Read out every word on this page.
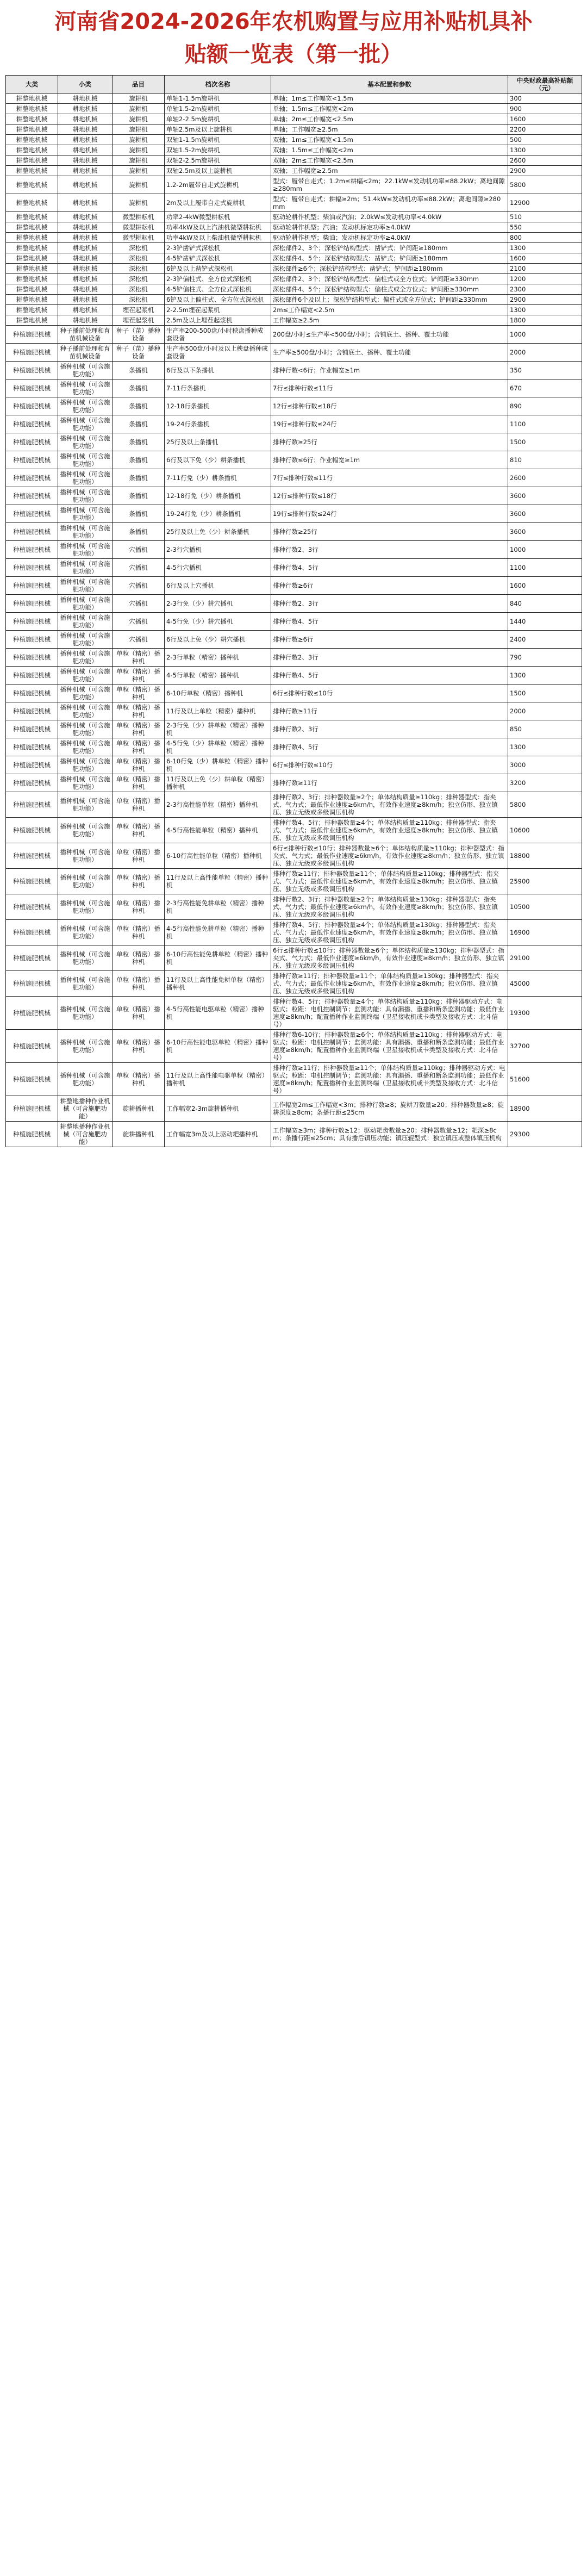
河南省2024-2026年农机购置与应用补贴机具补
贴额一览表（第一批）
大类	小类	品目	档次名称	基本配置和参数	中央财政最高补贴额（元）
耕整地机械	耕地机械	旋耕机	单轴1-1.5m旋耕机	单轴；1m≤工作幅宽<1.5m	300
耕整地机械	耕地机械	旋耕机	单轴1.5-2m旋耕机	单轴；1.5m≤工作幅宽<2m	900
耕整地机械	耕地机械	旋耕机	单轴2-2.5m旋耕机	单轴；2m≤工作幅宽<2.5m	1600
耕整地机械	耕地机械	旋耕机	单轴2.5m及以上旋耕机	单轴；工作幅宽≥2.5m	2200
耕整地机械	耕地机械	旋耕机	双轴1-1.5m旋耕机	双轴；1m≤工作幅宽<1.5m	500
耕整地机械	耕地机械	旋耕机	双轴1.5-2m旋耕机	双轴；1.5m≤工作幅宽<2m	1300
耕整地机械	耕地机械	旋耕机	双轴2-2.5m旋耕机	双轴；2m≤工作幅宽<2.5m	2600
耕整地机械	耕地机械	旋耕机	双轴2.5m及以上旋耕机	双轴；工作幅宽≥2.5m	2900
耕整地机械	耕地机械	旋耕机	1.2-2m履带自走式旋耕机	型式：履带自走式；1.2m≤耕幅<2m；22.1kW≤发动机功率≤88.2kW；离地间隙≥280mm	5800
耕整地机械	耕地机械	旋耕机	2m及以上履带自走式旋耕机	型式：履带自走式；耕幅≥2m；51.4kW≤发动机功率≤88.2kW；离地间隙≥280mm	12900
耕整地机械	耕地机械	微型耕耘机	功率2-4kW微型耕耘机	驱动轮耕作机型；柴油或汽油；2.0kW≤发动机功率<4.0kW	510
耕整地机械	耕地机械	微型耕耘机	功率4kW及以上汽油机微型耕耘机	驱动轮耕作机型；汽油；发动机标定功率≥4.0kW	550
耕整地机械	耕地机械	微型耕耘机	功率4kW及以上柴油机微型耕耘机	驱动轮耕作机型；柴油；发动机标定功率≥4.0kW	800
耕整地机械	耕地机械	深松机	2-3铲凿铲式深松机	深松部件2、3个；深松铲结构型式：凿铲式；铲间距≥180mm	1300
耕整地机械	耕地机械	深松机	4-5铲凿铲式深松机	深松部件4、5个；深松铲结构型式：凿铲式；铲间距≥180mm	1600
耕整地机械	耕地机械	深松机	6铲及以上凿铲式深松机	深松部件≥6个；深松铲结构型式：凿铲式；铲间距≥180mm	2100
耕整地机械	耕地机械	深松机	2-3铲偏柱式、全方位式深松机	深松部件2、3个；深松铲结构型式：偏柱式或全方位式；铲间距≥330mm	1200
耕整地机械	耕地机械	深松机	4-5铲偏柱式、全方位式深松机	深松部件4、5个；深松铲结构型式：偏柱式或全方位式；铲间距≥330mm	2300
耕整地机械	耕地机械	深松机	6铲及以上偏柱式、全方位式深松机	深松部件6个及以上；深松铲结构型式：偏柱式或全方位式；铲间距≥330mm	2900
耕整地机械	耕地机械	埋茬起浆机	2-2.5m埋茬起浆机	2m≤工作幅宽<2.5m	1300
耕整地机械	耕地机械	埋茬起浆机	2.5m及以上埋茬起浆机	工作幅宽≥2.5m	1800
种植施肥机械	种子播前处理和育苗机械设备	种子（苗）播种设备	生产率200-500盘/小时秧盘播种成套设备	200盘/小时≤生产率<500盘/小时；含铺底土、播种、覆土功能	1000
种植施肥机械	种子播前处理和育苗机械设备	种子（苗）播种设备	生产率500盘/小时及以上秧盘播种成套设备	生产率≥500盘/小时；含铺底土、播种、覆土功能	2000
种植施肥机械	播种机械（可含施肥功能）	条播机	6行及以下条播机	排种行数<6行；作业幅宽≥1m	350
种植施肥机械	播种机械（可含施肥功能）	条播机	7-11行条播机	7行≤排种行数≤11行	670
种植施肥机械	播种机械（可含施肥功能）	条播机	12-18行条播机	12行≤排种行数≤18行	890
种植施肥机械	播种机械（可含施肥功能）	条播机	19-24行条播机	19行≤排种行数≤24行	1100
种植施肥机械	播种机械（可含施肥功能）	条播机	25行及以上条播机	排种行数≥25行	1500
种植施肥机械	播种机械（可含施肥功能）	条播机	6行及以下免（少）耕条播机	排种行数≤6行；作业幅宽≥1m	810
种植施肥机械	播种机械（可含施肥功能）	条播机	7-11行免（少）耕条播机	7行≤排种行数≤11行	2600
种植施肥机械	播种机械（可含施肥功能）	条播机	12-18行免（少）耕条播机	12行≤排种行数≤18行	3600
种植施肥机械	播种机械（可含施肥功能）	条播机	19-24行免（少）耕条播机	19行≤排种行数≤24行	3600
种植施肥机械	播种机械（可含施肥功能）	条播机	25行及以上免（少）耕条播机	排种行数≥25行	3600
种植施肥机械	播种机械（可含施肥功能）	穴播机	2-3行穴播机	排种行数2、3行	1000
种植施肥机械	播种机械（可含施肥功能）	穴播机	4-5行穴播机	排种行数4、5行	1100
种植施肥机械	播种机械（可含施肥功能）	穴播机	6行及以上穴播机	排种行数≥6行	1600
种植施肥机械	播种机械（可含施肥功能）	穴播机	2-3行免（少）耕穴播机	排种行数2、3行	840
种植施肥机械	播种机械（可含施肥功能）	穴播机	4-5行免（少）耕穴播机	排种行数4、5行	1440
种植施肥机械	播种机械（可含施肥功能）	穴播机	6行及以上免（少）耕穴播机	排种行数≥6行	2400
种植施肥机械	播种机械（可含施肥功能）	单粒（精密）播种机	2-3行单粒（精密）播种机	排种行数2、3行	790
种植施肥机械	播种机械（可含施肥功能）	单粒（精密）播种机	4-5行单粒（精密）播种机	排种行数4、5行	1300
种植施肥机械	播种机械（可含施肥功能）	单粒（精密）播种机	6-10行单粒（精密）播种机	6行≤排种行数≤10行	1500
种植施肥机械	播种机械（可含施肥功能）	单粒（精密）播种机	11行及以上单粒（精密）播种机	排种行数≥11行	2000
种植施肥机械	播种机械（可含施肥功能）	单粒（精密）播种机	2-3行免（少）耕单粒（精密）播种机	排种行数2、3行	850
种植施肥机械	播种机械（可含施肥功能）	单粒（精密）播种机	4-5行免（少）耕单粒（精密）播种机	排种行数4、5行	1300
种植施肥机械	播种机械（可含施肥功能）	单粒（精密）播种机	6-10行免（少）耕单粒（精密）播种机	6行≤排种行数≤10行	3000
种植施肥机械	播种机械（可含施肥功能）	单粒（精密）播种机	11行及以上免（少）耕单粒（精密）播种机	排种行数≥11行	3200
种植施肥机械	播种机械（可含施肥功能）	单粒（精密）播种机	2-3行高性能单粒（精密）播种机	排种行数2、3行；排种器数量≥2个；单体结构质量≥110kg；排种器型式：指夹式、气力式；最低作业速度≥6km/h，有效作业速度≥8km/h；独立仿形、独立镇压、独立无级或多级调压机构	5800
种植施肥机械	播种机械（可含施肥功能）	单粒（精密）播种机	4-5行高性能单粒（精密）播种机	排种行数4、5行；排种器数量≥4个；单体结构质量≥110kg；排种器型式：指夹式、气力式；最低作业速度≥6km/h，有效作业速度≥8km/h；独立仿形、独立镇压、独立无级或多级调压机构	10600
种植施肥机械	播种机械（可含施肥功能）	单粒（精密）播种机	6-10行高性能单粒（精密）播种机	6行≤排种行数≤10行；排种器数量≥6个；单体结构质量≥110kg；排种器型式：指夹式、气力式；最低作业速度≥6km/h，有效作业速度≥8km/h；独立仿形、独立镇压、独立无级或多级调压机构	18800
种植施肥机械	播种机械（可含施肥功能）	单粒（精密）播种机	11行及以上高性能单粒（精密）播种机	排种行数≥11行；排种器数量≥11个；单体结构质量≥110kg；排种器型式：指夹式、气力式；最低作业速度≥6km/h，有效作业速度≥8km/h；独立仿形、独立镇压、独立无级或多级调压机构	25900
种植施肥机械	播种机械（可含施肥功能）	单粒（精密）播种机	2-3行高性能免耕单粒（精密）播种机	排种行数2、3行；排种器数量≥2个；单体结构质量≥130kg；排种器型式：指夹式、气力式；最低作业速度≥6km/h，有效作业速度≥8km/h；独立仿形、独立镇压、独立无级或多级调压机构	10500
种植施肥机械	播种机械（可含施肥功能）	单粒（精密）播种机	4-5行高性能免耕单粒（精密）播种机	排种行数4、5行；排种器数量≥4个；单体结构质量≥130kg；排种器型式：指夹式、气力式；最低作业速度≥6km/h，有效作业速度≥8km/h；独立仿形、独立镇压、独立无级或多级调压机构	16900
种植施肥机械	播种机械（可含施肥功能）	单粒（精密）播种机	6-10行高性能免耕单粒（精密）播种机	6行≤排种行数≤10行；排种器数量≥6个；单体结构质量≥130kg；排种器型式：指夹式、气力式；最低作业速度≥6km/h，有效作业速度≥8km/h；独立仿形、独立镇压、独立无级或多级调压机构	29100
种植施肥机械	播种机械（可含施肥功能）	单粒（精密）播种机	11行及以上高性能免耕单粒（精密）播种机	排种行数≥11行；排种器数量≥11个；单体结构质量≥130kg；排种器型式：指夹式、气力式；最低作业速度≥6km/h，有效作业速度≥8km/h；独立仿形、独立镇压、独立无级或多级调压机构	45000
种植施肥机械	播种机械（可含施肥功能）	单粒（精密）播种机	4-5行高性能电驱单粒（精密）播种机	排种行数4、5行；排种器数量≥4个；单体结构质量≥110kg；排种器驱动方式：电驱式；粒距：电机控制调节；监测功能：具有漏播、重播和断条监测功能；最低作业速度≥8km/h；配置播种作业监测终端（卫星接收机或卡类型及接收方式：北斗信号）	19300
种植施肥机械	播种机械（可含施肥功能）	单粒（精密）播种机	6-10行高性能电驱单粒（精密）播种机	排种行数6-10行；排种器数量≥6个；单体结构质量≥110kg；排种器驱动方式：电驱式；粒距：电机控制调节；监测功能：具有漏播、重播和断条监测功能；最低作业速度≥8km/h；配置播种作业监测终端（卫星接收机或卡类型及接收方式：北斗信号）	32700
种植施肥机械	播种机械（可含施肥功能）	单粒（精密）播种机	11行及以上高性能电驱单粒（精密）播种机	排种行数≥11行；排种器数量≥11个；单体结构质量≥110kg；排种器驱动方式：电驱式；粒距：电机控制调节；监测功能：具有漏播、重播和断条监测功能；最低作业速度≥8km/h；配置播种作业监测终端（卫星接收机或卡类型及接收方式：北斗信号）	51600
种植施肥机械	耕整地播种作业机械（可含施肥功能）	旋耕播种机	工作幅宽2-3m旋耕播种机	工作幅宽2m≤工作幅宽<3m；排种行数≥8；旋耕刀数量≥20；排种器数量≥8；旋耕深度≥8cm；条播行距≤25cm	18900
种植施肥机械	耕整地播种作业机械（可含施肥功能）	旋耕播种机	工作幅宽3m及以上驱动耙播种机	工作幅宽≥3m；排种行数≥12；驱动耙齿数量≥20；排种器数量≥12；耙深≥8cm；条播行距≤25cm；具有播后镇压功能；镇压辊型式：独立镇压或整体镇压机构	29300
